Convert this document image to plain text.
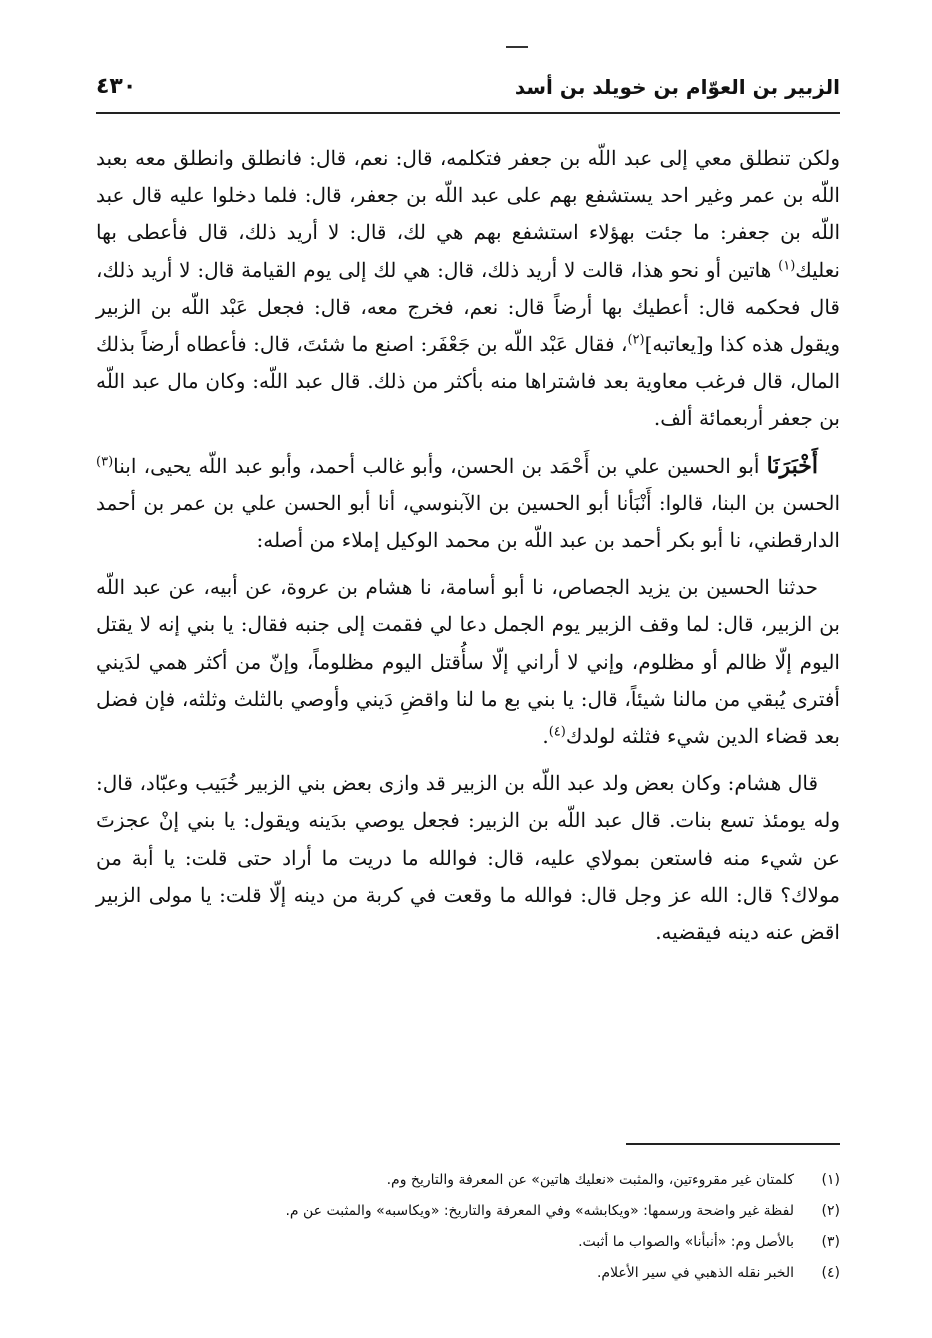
الزبير بن العوّام بن خويلد بن أسد
٤٣٠

ولكن تنطلق معي إلى عبد اللّه بن جعفر فتكلمه، قال: نعم، قال: فانطلق وانطلق معه بعبد اللّه بن عمر وغير احد يستشفع بهم على عبد اللّه بن جعفر، قال: فلما دخلوا عليه قال عبد اللّه بن جعفر: ما جئت بهؤلاء استشفع بهم هي لك، قال: لا أريد ذلك، قال فأعطى بها نعليك$^{(١)}$ هاتين أو نحو هذا، قالت لا أريد ذلك، قال: هي لك إلى يوم القيامة قال: لا أريد ذلك، قال فحكمه قال: أعطيك بها أرضاً قال: نعم، فخرج معه، قال: فجعل عَبْد اللّه بن الزبير ويقول هذه كذا و[يعاتبه]$^{(٢)}$، فقال عَبْد اللّه بن جَعْفَر: اصنع ما شئتَ، قال: فأعطاه أرضاً بذلك المال، قال فرغب معاوية بعد فاشتراها منه بأكثر من ذلك. قال عبد اللّه: وكان مال عبد اللّه بن جعفر أربعمائة ألف.

أَخْبَرَنَا أبو الحسين علي بن أَحْمَد بن الحسن، وأبو غالب أحمد، وأبو عبد اللّه يحيى، ابنا$^{(٣)}$ الحسن بن البنا، قالوا: أَنْبَأنا أبو الحسين بن الآبنوسي، أنا أبو الحسن علي بن عمر بن أحمد الدارقطني، نا أبو بكر أحمد بن عبد اللّه بن محمد الوكيل إملاء من أصله:

حدثنا الحسين بن يزيد الجصاص، نا أبو أسامة، نا هشام بن عروة، عن أبيه، عن عبد اللّه بن الزبير، قال: لما وقف الزبير يوم الجمل دعا لي فقمت إلى جنبه فقال: يا بني إنه لا يقتل اليوم إلّا ظالم أو مظلوم، وإني لا أراني إلّا سأُقتل اليوم مظلوماً، وإنّ من أكثر همي لدَيني أفترى يُبقي من مالنا شيئاً، قال: يا بني بع ما لنا واقضِ دَيني وأوصي بالثلث وثلثه، فإن فضل بعد قضاء الدين شيء فثلثه لولدك$^{(٤)}$.

قال هشام: وكان بعض ولد عبد اللّه بن الزبير قد وازى بعض بني الزبير خُبَيب وعبّاد، قال: وله يومئذ تسع بنات. قال عبد اللّه بن الزبير: فجعل يوصي بدَينه ويقول: يا بني إنْ عجزتَ عن شيء منه فاستعن بمولاي عليه، قال: فوالله ما دريت ما أراد حتى قلت: يا أبة من مولاك؟ قال: الله عز وجل قال: فوالله ما وقعت في كربة من دينه إلّا قلت: يا مولى الزبير اقض عنه دينه فيقضيه.

(١)كلمتان غير مقروءتين، والمثبت «نعليك هاتين» عن المعرفة والتاريخ وم.

(٢)لفظة غير واضحة ورسمها: «ويكابشه» وفي المعرفة والتاريخ: «ويكاسبه» والمثبت عن م.

(٣)بالأصل وم: «أنبأنا» والصواب ما أثبت.

(٤)الخبر نقله الذهبي في سير الأعلام.
